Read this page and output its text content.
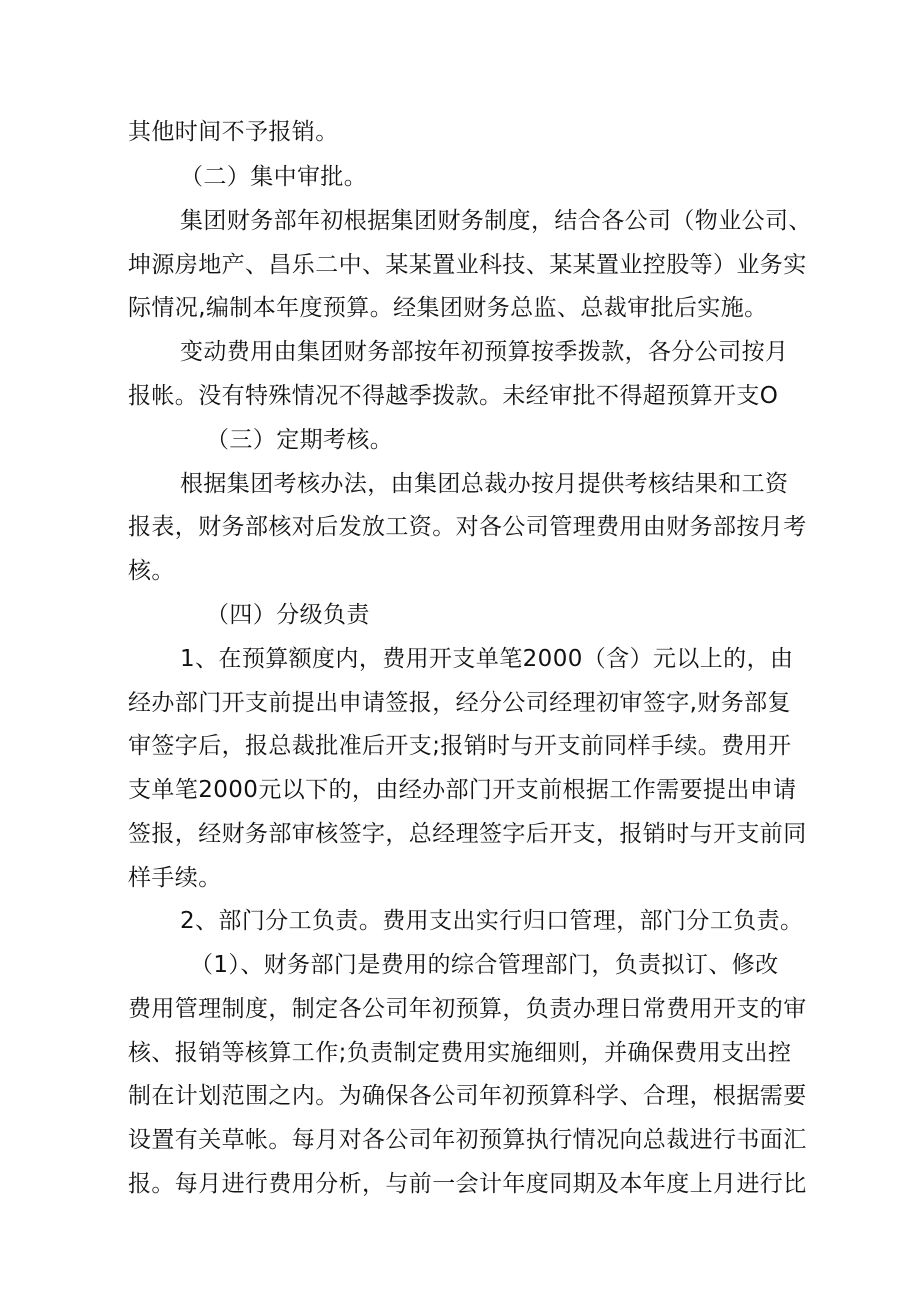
其他时间不予报销。
（二）集中审批。
集团财务部年初根据集团财务制度，结合各公司（物业公司、
坤源房地产、昌乐二中、某某置业科技、某某置业控股等）业务实
际情况,编制本年度预算。经集团财务总监、总裁审批后实施。
变动费用由集团财务部按年初预算按季拨款，各分公司按月
报帐。没有特殊情况不得越季拨款。未经审批不得超预算开支O
（三）定期考核。
根据集团考核办法，由集团总裁办按月提供考核结果和工资
报表，财务部核对后发放工资。对各公司管理费用由财务部按月考
核。
（四）分级负责
1、在预算额度内，费用开支单笔2000（含）元以上的，由
经办部门开支前提出申请签报，经分公司经理初审签字,财务部复
审签字后，报总裁批准后开支;报销时与开支前同样手续。费用开
支单笔2000元以下的，由经办部门开支前根据工作需要提出申请
签报，经财务部审核签字，总经理签字后开支，报销时与开支前同
样手续。
2、部门分工负责。费用支出实行归口管理，部门分工负责。
（1）、财务部门是费用的综合管理部门，负责拟订、修改
费用管理制度，制定各公司年初预算，负责办理日常费用开支的审
核、报销等核算工作;负责制定费用实施细则，并确保费用支出控
制在计划范围之内。为确保各公司年初预算科学、合理，根据需要
设置有关草帐。每月对各公司年初预算执行情况向总裁进行书面汇
报。每月进行费用分析，与前一会计年度同期及本年度上月进行比
